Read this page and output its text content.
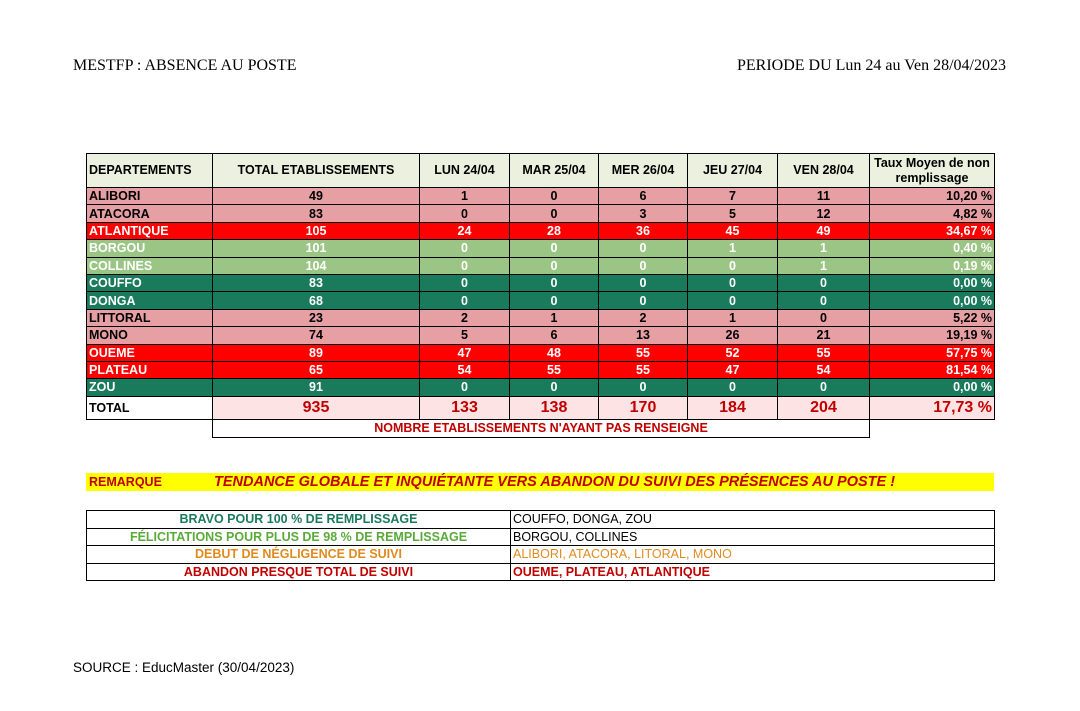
MESTFP : ABSENCE AU POSTE	PERIODE DU Lun 24 au Ven 28/04/2023
DEPARTEMENTS	TOTAL ETABLISSEMENTS	LUN 24/04	MAR 25/04	MER 26/04	JEU 27/04	VEN 28/04	Taux Moyen de non remplissage
ALIBORI	49	1	0	6	7	11	10,20 %
ATACORA	83	0	0	3	5	12	4,82 %
ATLANTIQUE	105	24	28	36	45	49	34,67 %
BORGOU	101	0	0	0	1	1	0,40 %
COLLINES	104	0	0	0	0	1	0,19 %
COUFFO	83	0	0	0	0	0	0,00 %
DONGA	68	0	0	0	0	0	0,00 %
LITTORAL	23	2	1	2	1	0	5,22 %
MONO	74	5	6	13	26	21	19,19 %
OUEME	89	47	48	55	52	55	57,75 %
PLATEAU	65	54	55	55	47	54	81,54 %
ZOU	91	0	0	0	0	0	0,00 %
TOTAL	935	133	138	170	184	204	17,73 %
	NOMBRE ETABLISSEMENTS N'AYANT PAS RENSEIGNE						
REMARQUE	TENDANCE GLOBALE ET INQUIÉTANTE VERS ABANDON DU SUIVI DES PRÉSENCES AU POSTE !
BRAVO POUR 100 % DE REMPLISSAGE	COUFFO, DONGA, ZOU
FÉLICITATIONS POUR PLUS DE 98 % DE REMPLISSAGE	BORGOU, COLLINES
DEBUT DE NÉGLIGENCE DE SUIVI	ALIBORI, ATACORA, LITORAL, MONO
ABANDON PRESQUE TOTAL DE SUIVI	OUEME, PLATEAU, ATLANTIQUE
SOURCE : EducMaster (30/04/2023)
